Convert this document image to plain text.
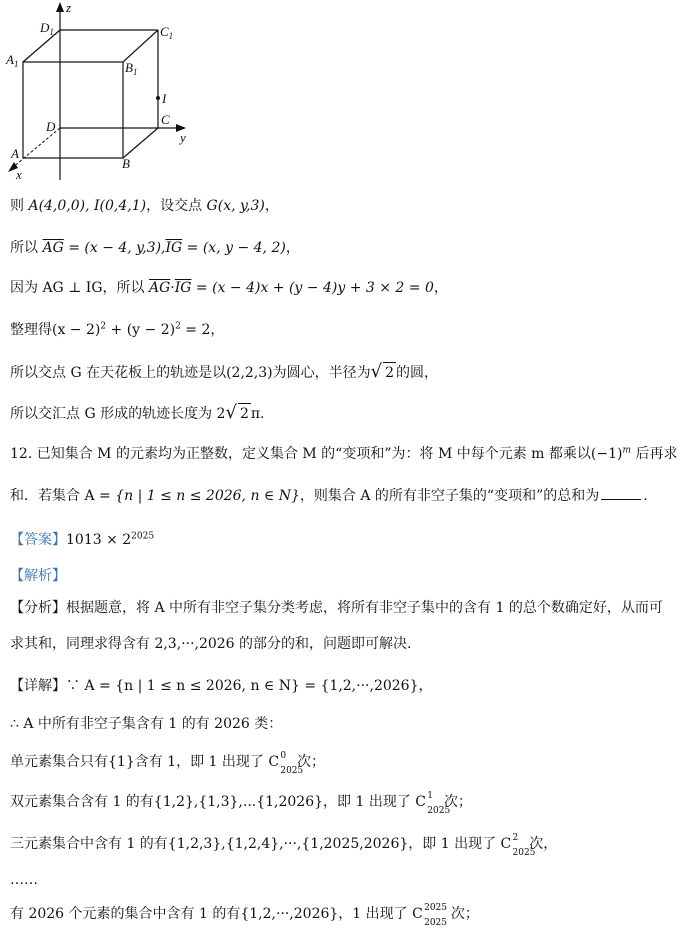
z
y
x
$D_1$	$C_1$
$A_1$	$B_1$
I
C
D
A
B
则 A(4,0,0), I(0,4,1)，设交点 G(x, y,3)，
所以 $\overline{AG} = (x - 4$, $y,3),\overline{IG} = (x$, y − 4, 2)，
因为 AG ⊥ IG，所以 $\overline{AG}\cdot\overline{IG} = (x - 4)x + (y - 4)y + 3 \times 2 = 0$，
整理得$(x - 2)^2 + (y - 2)^2 = 2$，
所以交点 G 在天花板上的轨迹是以(2,2,3)为圆心，半径为√ 2 的圆，
所以交汇点 G 形成的轨迹长度为 2√ 2 π.
12. 已知集合 M 的元素均为正整数，定义集合 M 的“变项和”为：将 M 中每个元素 m 都乘以$(-1)^m$ 后再求
和．若集合 A = {n | 1 ≤ n ≤ 2026, n ∈ N}，则集合 A 的所有非空子集的“变项和”的总和为	.
【答案】$1013 \times 2^{2025}$
【解析】
【分析】根据题意，将 A 中所有非空子集分类考虑，将所有非空子集中的含有 1 的总个数确定好，从而可
求其和，同理求得含有 2,3,···,2026 的部分的和，问题即可解决.
【详解】∵ A = {n | 1 ≤ n ≤ 2026, n ∈ N} = {1,2,···,2026}，
∴ A 中所有非空子集含有 1 的有 2026 类：
单元素集合只有{1}含有 1，即 1 出现了 C 0
2025
次；
双元素集合含有 1 的有{1,2},{1,3},...{1,2026}，即 1 出现了 C 1
2025
次；
三元素集合中含有 1 的有{1,2,3},{1,2,4},···,{1,2025,2026}，即 1 出现了 C 2
2025
次，
……
有 2026 个元素的集合中含有 1 的有{1,2,···,2026}，1 出现了 C 2025
2025
次；
